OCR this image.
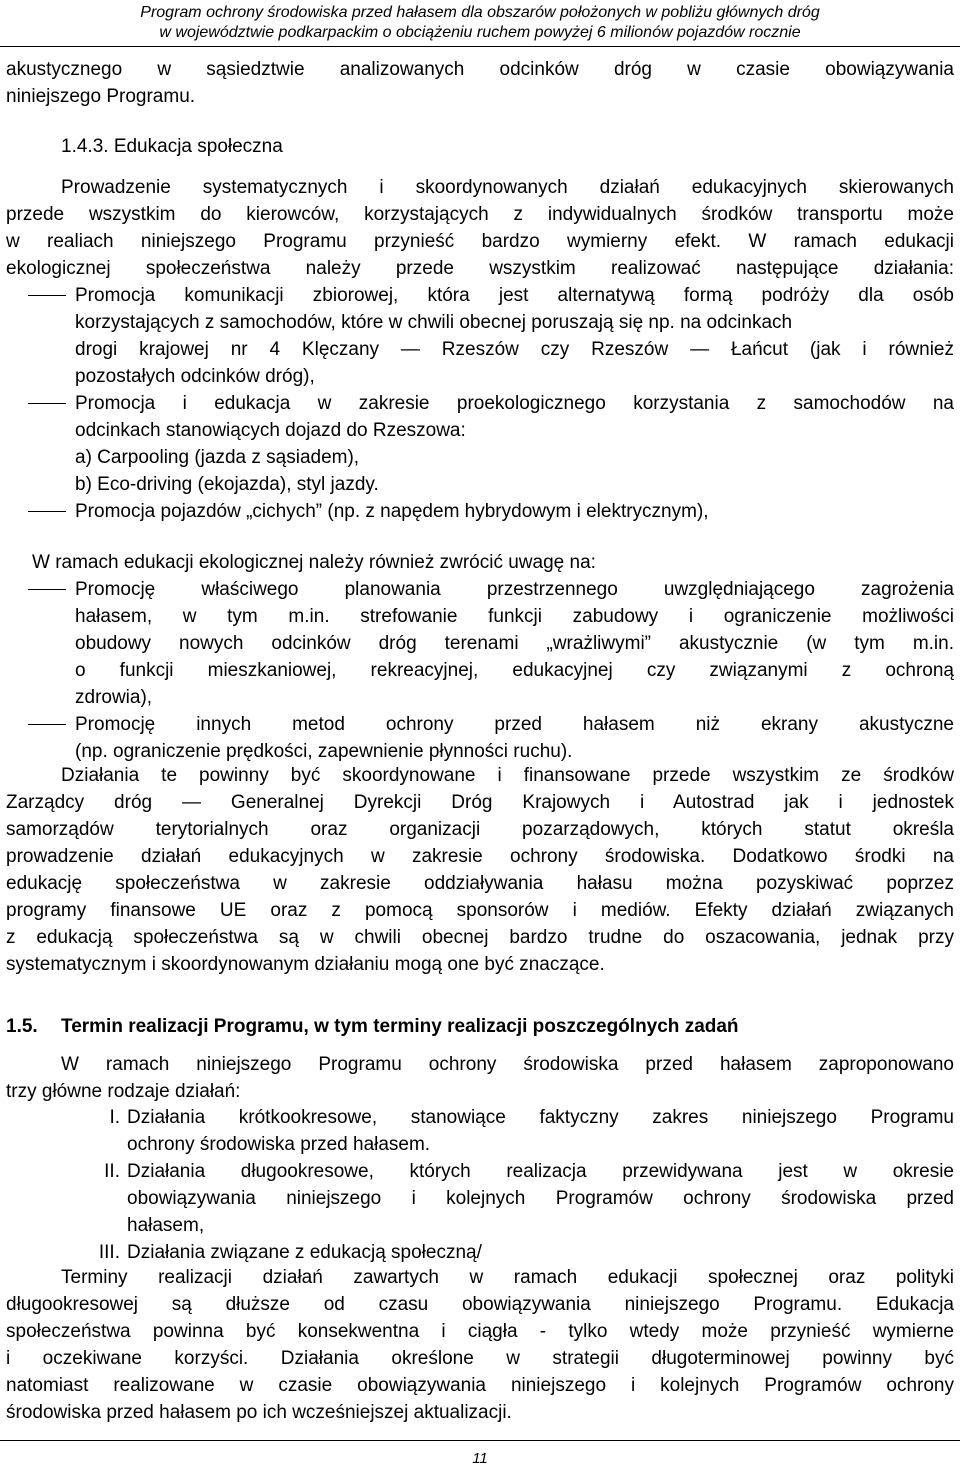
Program ochrony środowiska przed hałasem dla obszarów położonych w pobliżu głównych dróg
w województwie podkarpackim o obciążeniu ruchem powyżej 6 milionów pojazdów rocznie
akustycznego w sąsiedztwie analizowanych odcinków dróg w czasie obowiązywania
niniejszego Programu.
1.4.3. Edukacja społeczna
Prowadzenie systematycznych i skoordynowanych działań edukacyjnych skierowanych
przede wszystkim do kierowców, korzystających z indywidualnych środków transportu może
w realiach niniejszego Programu przynieść bardzo wymierny efekt. W ramach edukacji
ekologicznej społeczeństwa należy przede wszystkim realizować następujące działania:
Promocja komunikacji zbiorowej, która jest alternatywą formą podróży dla osób
korzystających z samochodów, które w chwili obecnej poruszają się np. na odcinkach
drogi krajowej nr 4 Klęczany — Rzeszów czy Rzeszów — Łańcut (jak i również
pozostałych odcinków dróg),
Promocja i edukacja w zakresie proekologicznego korzystania z samochodów na
odcinkach stanowiących dojazd do Rzeszowa:
a) Carpooling (jazda z sąsiadem),
b) Eco-driving (ekojazda), styl jazdy.
Promocja pojazdów „cichych” (np. z napędem hybrydowym i elektrycznym),
W ramach edukacji ekologicznej należy również zwrócić uwagę na:
Promocję właściwego planowania przestrzennego uwzględniającego zagrożenia
hałasem, w tym m.in. strefowanie funkcji zabudowy i ograniczenie możliwości
obudowy nowych odcinków dróg terenami „wrażliwymi” akustycznie (w tym m.in.
o funkcji mieszkaniowej, rekreacyjnej, edukacyjnej czy związanymi z ochroną
zdrowia),
Promocję innych metod ochrony przed hałasem niż ekrany akustyczne
(np. ograniczenie prędkości, zapewnienie płynności ruchu).
Działania te powinny być skoordynowane i finansowane przede wszystkim ze środków
Zarządcy dróg — Generalnej Dyrekcji Dróg Krajowych i Autostrad jak i jednostek
samorządów terytorialnych oraz organizacji pozarządowych, których statut określa
prowadzenie działań edukacyjnych w zakresie ochrony środowiska. Dodatkowo środki na
edukację społeczeństwa w zakresie oddziaływania hałasu można pozyskiwać poprzez
programy finansowe UE oraz z pomocą sponsorów i mediów. Efekty działań związanych
z edukacją społeczeństwa są w chwili obecnej bardzo trudne do oszacowania, jednak przy
systematycznym i skoordynowanym działaniu mogą one być znaczące.
1.5. Termin realizacji Programu, w tym terminy realizacji poszczególnych zadań
W ramach niniejszego Programu ochrony środowiska przed hałasem zaproponowano
trzy główne rodzaje działań:
I. Działania krótkookresowe, stanowiące faktyczny zakres niniejszego Programu
ochrony środowiska przed hałasem.
II. Działania długookresowe, których realizacja przewidywana jest w okresie
obowiązywania niniejszego i kolejnych Programów ochrony środowiska przed
hałasem,
III. Działania związane z edukacją społeczną/
Terminy realizacji działań zawartych w ramach edukacji społecznej oraz polityki
długookresowej są dłuższe od czasu obowiązywania niniejszego Programu. Edukacja
społeczeństwa powinna być konsekwentna i ciągła - tylko wtedy może przynieść wymierne
i oczekiwane korzyści. Działania określone w strategii długoterminowej powinny być
natomiast realizowane w czasie obowiązywania niniejszego i kolejnych Programów ochrony
środowiska przed hałasem po ich wcześniejszej aktualizacji.
11
